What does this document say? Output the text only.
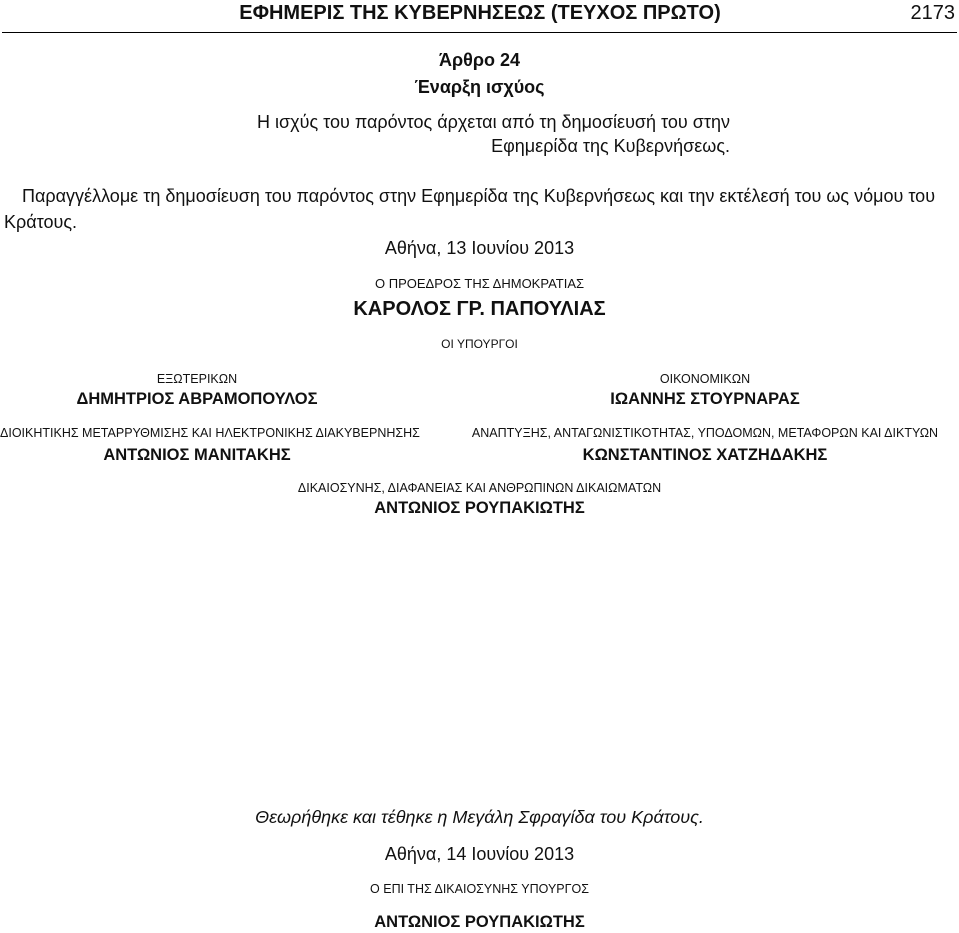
ΕΦΗΜΕΡΙΣ ΤΗΣ ΚΥΒΕΡΝΗΣΕΩΣ (ΤΕΥΧΟΣ ΠΡΩΤΟ)	2173
Άρθρο 24
Έναρξη ισχύος
Η ισχύς του παρόντος άρχεται από τη δημοσίευσή του στην Εφημερίδα της Κυβερνήσεως.
Παραγγέλλομε τη δημοσίευση του παρόντος στην Εφημερίδα της Κυβερνήσεως και την εκτέλεσή του ως νόμου του Κράτους.
Αθήνα, 13 Ιουνίου 2013
Ο ΠΡΟΕΔΡΟΣ ΤΗΣ ΔΗΜΟΚΡΑΤΙΑΣ
ΚΑΡΟΛΟΣ ΓΡ. ΠΑΠΟΥΛΙΑΣ
ΟΙ ΥΠΟΥΡΓΟΙ
ΕΞΩΤΕΡΙΚΩΝ
ΔΗΜΗΤΡΙΟΣ ΑΒΡΑΜΟΠΟΥΛΟΣ
ΟΙΚΟΝΟΜΙΚΩΝ
ΙΩΑΝΝΗΣ ΣΤΟΥΡΝΑΡΑΣ
ΔΙΟΙΚΗΤΙΚΗΣ ΜΕΤΑΡΡΥΘΜΙΣΗΣ ΚΑΙ ΗΛΕΚΤΡΟΝΙΚΗΣ ΔΙΑΚΥΒΕΡΝΗΣΗΣ
ΑΝΤΩΝΙΟΣ ΜΑΝΙΤΑΚΗΣ
ΑΝΑΠΤΥΞΗΣ, ΑΝΤΑΓΩΝΙΣΤΙΚΟΤΗΤΑΣ, ΥΠΟΔΟΜΩΝ, ΜΕΤΑΦΟΡΩΝ ΚΑΙ ΔΙΚΤΥΩΝ
ΚΩΝΣΤΑΝΤΙΝΟΣ ΧΑΤΖΗΔΑΚΗΣ
ΔΙΚΑΙΟΣΥΝΗΣ, ΔΙΑΦΑΝΕΙΑΣ ΚΑΙ ΑΝΘΡΩΠΙΝΩΝ ΔΙΚΑΙΩΜΑΤΩΝ
ΑΝΤΩΝΙΟΣ ΡΟΥΠΑΚΙΩΤΗΣ
Θεωρήθηκε και τέθηκε η Μεγάλη Σφραγίδα του Κράτους.
Αθήνα, 14 Ιουνίου 2013
Ο ΕΠΙ ΤΗΣ ΔΙΚΑΙΟΣΥΝΗΣ ΥΠΟΥΡΓΟΣ
ΑΝΤΩΝΙΟΣ ΡΟΥΠΑΚΙΩΤΗΣ
